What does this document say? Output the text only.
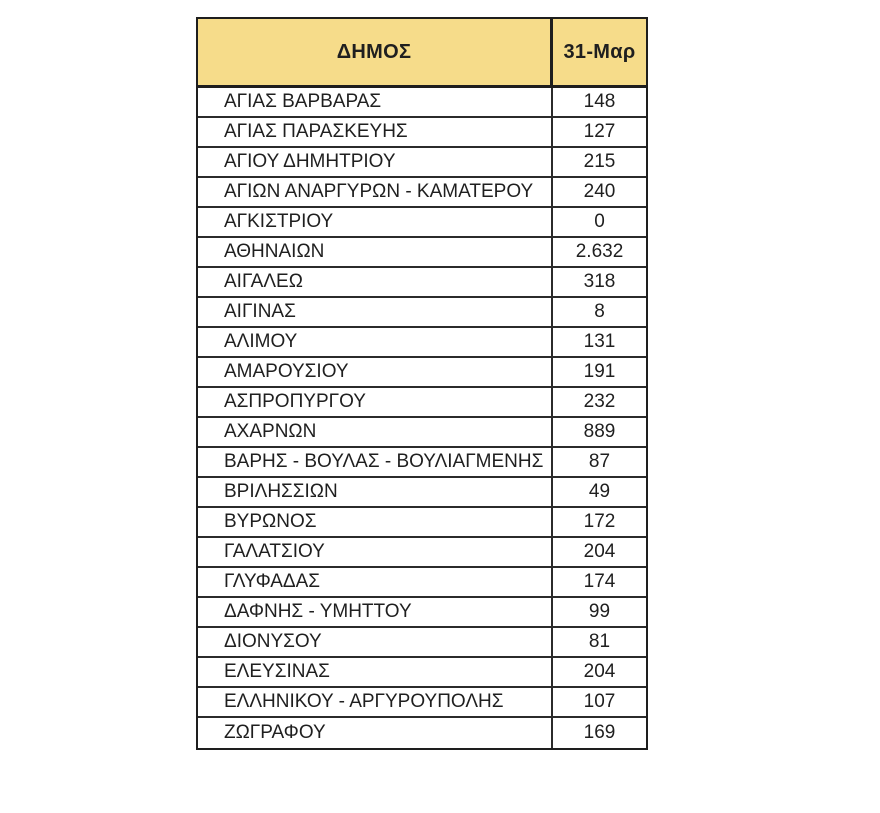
ΔΗΜΟΣ	31-Μαρ
ΑΓΙΑΣ ΒΑΡΒΑΡΑΣ	148
ΑΓΙΑΣ ΠΑΡΑΣΚΕΥΗΣ	127
ΑΓΙΟΥ ΔΗΜΗΤΡΙΟΥ	215
ΑΓΙΩΝ ΑΝΑΡΓΥΡΩΝ - ΚΑΜΑΤΕΡΟΥ	240
ΑΓΚΙΣΤΡΙΟΥ	0
ΑΘΗΝΑΙΩΝ	2.632
ΑΙΓΑΛΕΩ	318
ΑΙΓΙΝΑΣ	8
ΑΛΙΜΟΥ	131
ΑΜΑΡΟΥΣΙΟΥ	191
ΑΣΠΡΟΠΥΡΓΟΥ	232
ΑΧΑΡΝΩΝ	889
ΒΑΡΗΣ - ΒΟΥΛΑΣ - ΒΟΥΛΙΑΓΜΕΝΗΣ	87
ΒΡΙΛΗΣΣΙΩΝ	49
ΒΥΡΩΝΟΣ	172
ΓΑΛΑΤΣΙΟΥ	204
ΓΛΥΦΑΔΑΣ	174
ΔΑΦΝΗΣ - ΥΜΗΤΤΟΥ	99
ΔΙΟΝΥΣΟΥ	81
ΕΛΕΥΣΙΝΑΣ	204
ΕΛΛΗΝΙΚΟΥ - ΑΡΓΥΡΟΥΠΟΛΗΣ	107
ΖΩΓΡΑΦΟΥ	169
